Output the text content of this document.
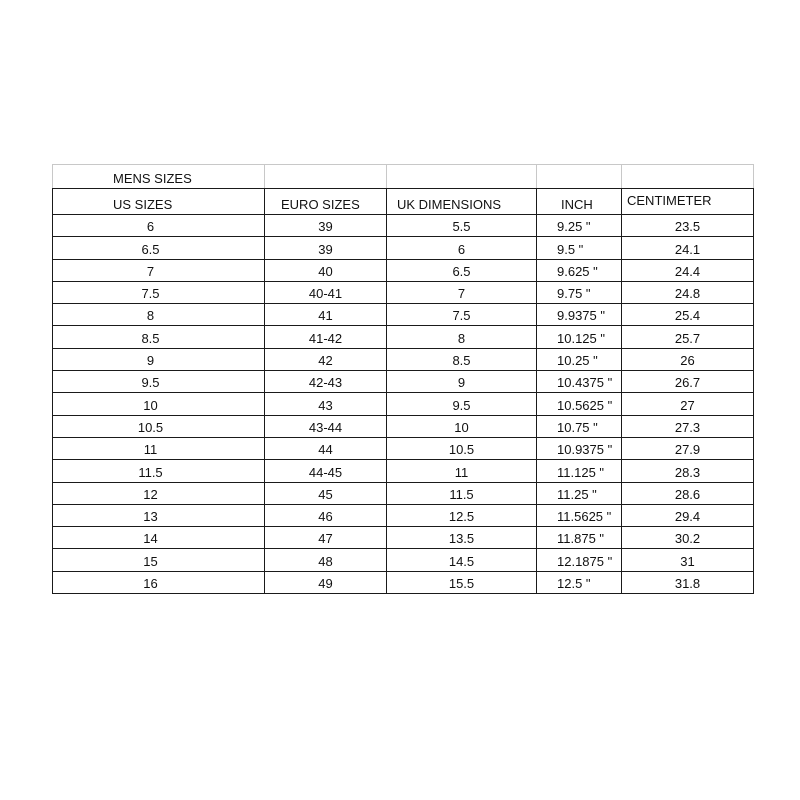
MENS SIZES				
US SIZES	EURO SIZES	UK DIMENSIONS	INCH	CENTIMETER
6	39	5.5	9.25 "	23.5
6.5	39	6	9.5 "	24.1
7	40	6.5	9.625 "	24.4
7.5	40-41	7	9.75 "	24.8
8	41	7.5	9.9375 "	25.4
8.5	41-42	8	10.125 "	25.7
9	42	8.5	10.25 "	26
9.5	42-43	9	10.4375 "	26.7
10	43	9.5	10.5625 "	27
10.5	43-44	10	10.75 "	27.3
11	44	10.5	10.9375 "	27.9
11.5	44-45	11	11.125 "	28.3
12	45	11.5	11.25 "	28.6
13	46	12.5	11.5625 "	29.4
14	47	13.5	11.875 "	30.2
15	48	14.5	12.1875 "	31
16	49	15.5	12.5 "	31.8
